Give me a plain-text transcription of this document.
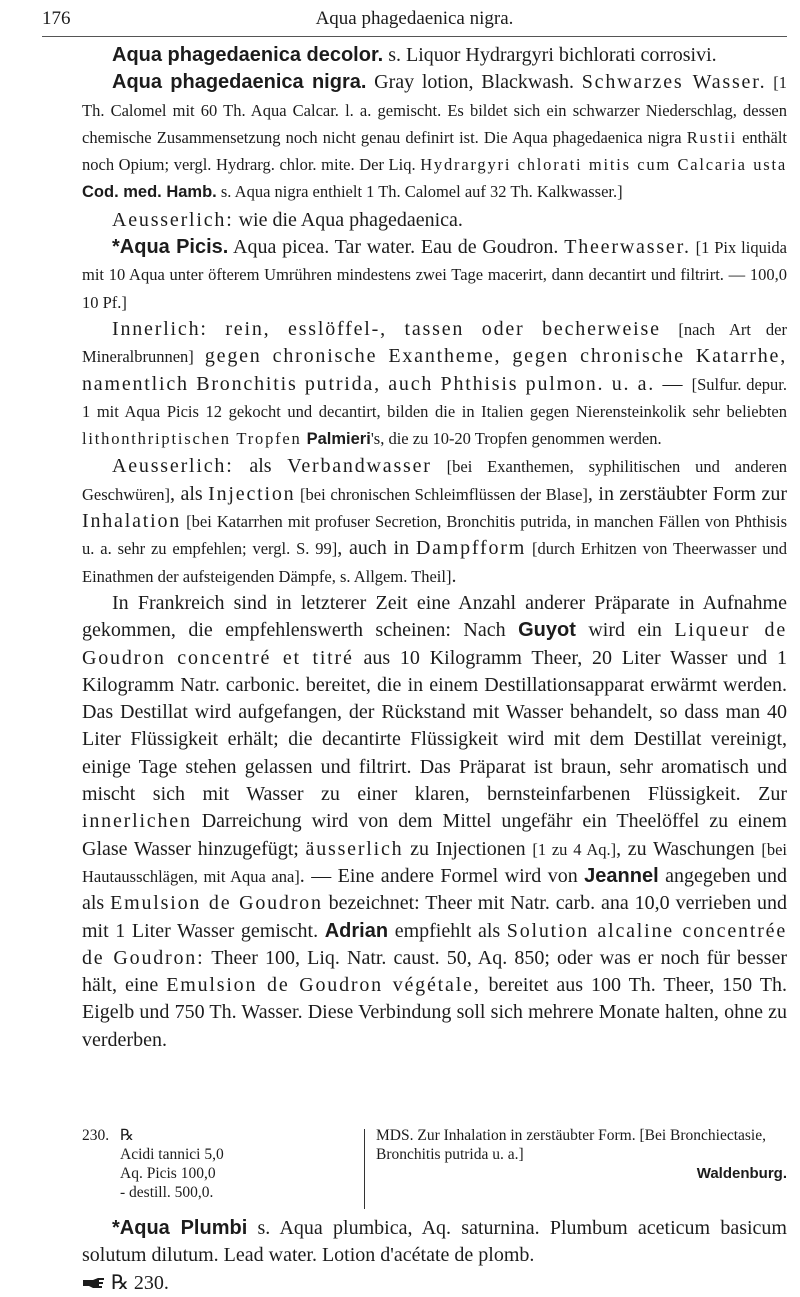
176	Aqua phagedaenica nigra.

Aqua phagedaenica decolor. s. Liquor Hydrargyri bichlorati corrosivi.

Aqua phagedaenica nigra. Gray lotion, Blackwash. Schwarzes Wasser. [1 Th. Calomel mit 60 Th. Aqua Calcar. l. a. gemischt. Es bildet sich ein schwarzer Niederschlag, dessen chemische Zusammensetzung noch nicht genau definirt ist. Die Aqua phagedaenica nigra Rustii enthält noch Opium; vergl. Hydrarg. chlor. mite. Der Liq. Hydrargyri chlorati mitis cum Calcaria usta Cod. med. Hamb. s. Aqua nigra enthielt 1 Th. Calomel auf 32 Th. Kalkwasser.]

Aeusserlich: wie die Aqua phagedaenica.

*Aqua Picis. Aqua picea. Tar water. Eau de Goudron. Theerwasser. [1 Pix liquida mit 10 Aqua unter öfterem Umrühren mindestens zwei Tage macerirt, dann decantirt und filtrirt. — 100,0 10 Pf.]

Innerlich: rein, esslöffel-, tassen oder becherweise [nach Art der Mineralbrunnen] gegen chronische Exantheme, gegen chronische Katarrhe, namentlich Bronchitis putrida, auch Phthisis pulmon. u. a. — [Sulfur. depur. 1 mit Aqua Picis 12 gekocht und decantirt, bilden die in Italien gegen Nierensteinkolik sehr beliebten lithonthriptischen Tropfen Palmieri's, die zu 10-20 Tropfen genommen werden.

Aeusserlich: als Verbandwasser [bei Exanthemen, syphilitischen und anderen Geschwüren], als Injection [bei chronischen Schleimflüssen der Blase], in zerstäubter Form zur Inhalation [bei Katarrhen mit profuser Secretion, Bronchitis putrida, in manchen Fällen von Phthisis u. a. sehr zu empfehlen; vergl. S. 99], auch in Dampfform [durch Erhitzen von Theerwasser und Einathmen der aufsteigenden Dämpfe, s. Allgem. Theil].

In Frankreich sind in letzterer Zeit eine Anzahl anderer Präparate in Aufnahme gekommen, die empfehlenswerth scheinen: Nach Guyot wird ein Liqueur de Goudron concentré et titré aus 10 Kilogramm Theer, 20 Liter Wasser und 1 Kilogramm Natr. carbonic. bereitet, die in einem Destillationsapparat erwärmt werden. Das Destillat wird aufgefangen, der Rückstand mit Wasser behandelt, so dass man 40 Liter Flüssigkeit erhält; die decantirte Flüssigkeit wird mit dem Destillat vereinigt, einige Tage stehen gelassen und filtrirt. Das Präparat ist braun, sehr aromatisch und mischt sich mit Wasser zu einer klaren, bernsteinfarbenen Flüssigkeit. Zur innerlichen Darreichung wird von dem Mittel ungefähr ein Theelöffel zu einem Glase Wasser hinzugefügt; äusserlich zu Injectionen [1 zu 4 Aq.], zu Waschungen [bei Hautausschlägen, mit Aqua ana]. — Eine andere Formel wird von Jeannel angegeben und als Emulsion de Goudron bezeichnet: Theer mit Natr. carb. ana 10,0 verrieben und mit 1 Liter Wasser gemischt. Adrian empfiehlt als Solution alcaline concentrée de Goudron: Theer 100, Liq. Natr. caust. 50, Aq. 850; oder was er noch für besser hält, eine Emulsion de Goudron végétale, bereitet aus 100 Th. Theer, 150 Th. Eigelb und 750 Th. Wasser. Diese Verbindung soll sich mehrere Monate halten, ohne zu verderben.

230. ℞
Acidi tannici 5,0
Aq. Picis 100,0
- destill. 500,0.
MDS. Zur Inhalation in zerstäubter Form. [Bei Bronchiectasie, Bronchitis putrida u. a.]
Waldenburg.

*Aqua Plumbi s. Aqua plumbica, Aq. saturnina. Plumbum aceticum basicum solutum dilutum. Lead water. Lotion d'acétate de plomb.

℞ 230.
